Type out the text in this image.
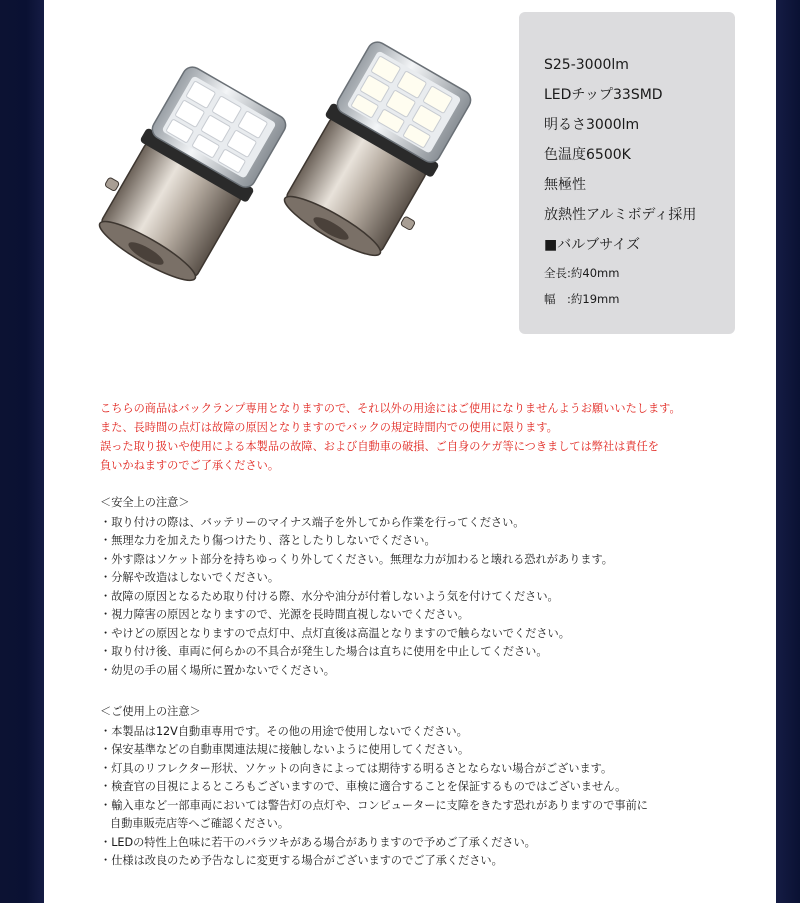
S25-3000lm
LEDチップ33SMD
明るさ3000lm
色温度6500K
無極性
放熱性アルミボディ採用
■バルブサイズ
全長:約40mm
幅　:約19mm
こちらの商品はバックランプ専用となりますので、それ以外の用途にはご使用になりませんようお願いいたします。
また、長時間の点灯は故障の原因となりますのでバックの規定時間内での使用に限ります。
誤った取り扱いや使用による本製品の故障、および自動車の破損、ご自身のケガ等につきましては弊社は責任を
負いかねますのでご了承ください。
＜安全上の注意＞
・取り付けの際は、バッテリーのマイナス端子を外してから作業を行ってください。
・無理な力を加えたり傷つけたり、落としたりしないでください。
・外す際はソケット部分を持ちゆっくり外してください。無理な力が加わると壊れる恐れがあります。
・分解や改造はしないでください。
・故障の原因となるため取り付ける際、水分や油分が付着しないよう気を付けてください。
・視力障害の原因となりますので、光源を長時間直視しないでください。
・やけどの原因となりますので点灯中、点灯直後は高温となりますので触らないでください。
・取り付け後、車両に何らかの不具合が発生した場合は直ちに使用を中止してください。
・幼児の手の届く場所に置かないでください。
＜ご使用上の注意＞
・本製品は12V自動車専用です。その他の用途で使用しないでください。
・保安基準などの自動車関連法規に接触しないように使用してください。
・灯具のリフレクター形状、ソケットの向きによっては期待する明るさとならない場合がございます。
・検査官の目視によるところもございますので、車検に適合することを保証するものではございません。
・輸入車など一部車両においては警告灯の点灯や、コンピューターに支障をきたす恐れがありますので事前に
自動車販売店等へご確認ください。
・LEDの特性上色味に若干のバラツキがある場合がありますので予めご了承ください。
・仕様は改良のため予告なしに変更する場合がございますのでご了承ください。
